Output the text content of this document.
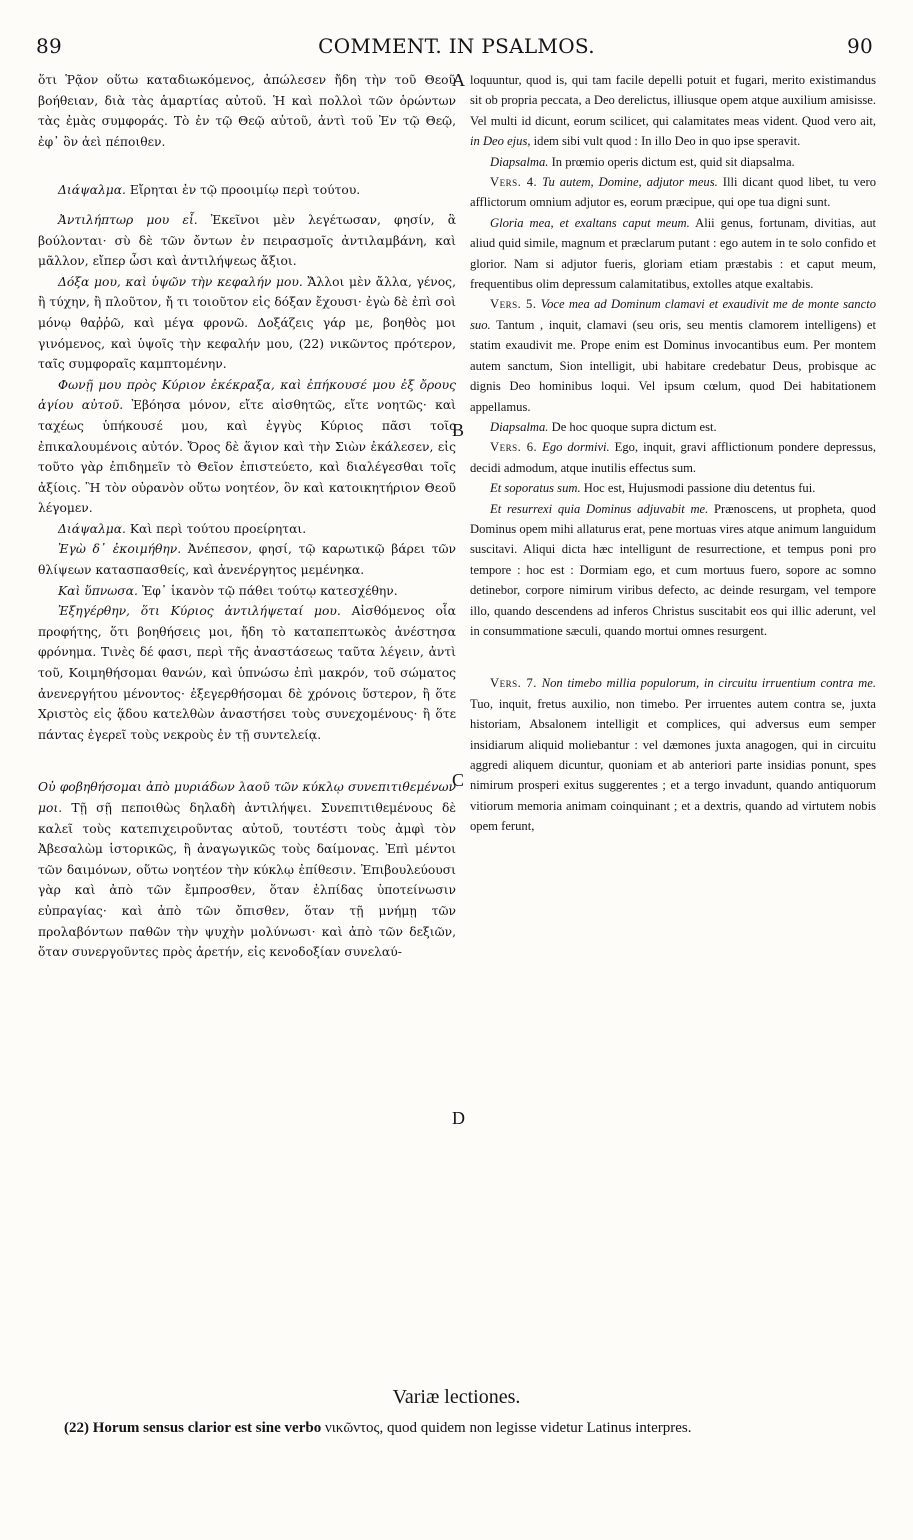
89	COMMENT. IN PSALMOS.	90
A
B
C
D

ὅτι Ῥᾷον οὕτω καταδιωκόμενος, ἀπώλεσεν ἤδη τὴν τοῦ Θεοῦ βοήθειαν, διὰ τὰς ἁμαρτίας αὐτοῦ. Ἡ καὶ πολλοὶ τῶν ὁρώντων τὰς ἐμὰς συμφοράς. Τὸ ἐν τῷ Θεῷ αὐτοῦ, ἀντὶ τοῦ Ἐν τῷ Θεῷ, ἐφ᾽ ὃν ἀεὶ πέποιθεν.

Διάψαλμα. Εἴρηται ἐν τῷ προοιμίῳ περὶ τούτου.

Ἀντιλήπτωρ μου εἶ. Ἐκεῖνοι μὲν λεγέτωσαν, φησίν, ἃ βούλονται· σὺ δὲ τῶν ὄντων ἐν πειρασμοῖς ἀντιλαμβάνη, καὶ μᾶλλον, εἴπερ ὦσι καὶ ἀντιλήψεως ἄξιοι.

Δόξα μου, καὶ ὑψῶν τὴν κεφαλήν μου. Ἄλλοι μὲν ἄλλα, γένος, ἢ τύχην, ἢ πλοῦτον, ἤ τι τοιοῦτον εἰς δόξαν ἔχουσι· ἐγὼ δὲ ἐπὶ σοὶ μόνῳ θαῤῥῶ, καὶ μέγα φρονῶ. Δοξάζεις γάρ με, βοηθὸς μοι γινόμενος, καὶ ὑψοῖς τὴν κεφαλήν μου, (22) νικῶντος πρότερον, ταῖς συμφοραῖς καμπτομένην.

Φωνῇ μου πρὸς Κύριον ἐκέκραξα, καὶ ἐπήκουσέ μου ἐξ ὄρους ἁγίου αὐτοῦ. Ἐβόησα μόνον, εἴτε αἰσθητῶς, εἴτε νοητῶς· καὶ ταχέως ὑπήκουσέ μου, καὶ ἐγγὺς Κύριος πᾶσι τοῖς ἐπικαλουμένοις αὐτόν. Ὄρος δὲ ἅγιον καὶ τὴν Σιὼν ἐκάλεσεν, εἰς τοῦτο γὰρ ἐπιδημεῖν τὸ Θεῖον ἐπιστεύετο, καὶ διαλέγεσθαι τοῖς ἀξίοις. Ἢ τὸν οὐρανὸν οὕτω νοητέον, ὃν καὶ κατοικητήριον Θεοῦ λέγομεν.

Διάψαλμα. Καὶ περὶ τούτου προείρηται.

Ἐγὼ δ᾽ ἐκοιμήθην. Ἀνέπεσον, φησί, τῷ καρωτικῷ βάρει τῶν θλίψεων κατασπασθείς, καὶ ἀνενέργητος μεμένηκα.

Καὶ ὕπνωσα. Ἐφ᾽ ἱκανὸν τῷ πάθει τούτῳ κατεσχέθην.

Ἐξηγέρθην, ὅτι Κύριος ἀντιλήψεταί μου. Αἰσθόμενος οἷα προφήτης, ὅτι βοηθήσεις μοι, ἤδη τὸ καταπεπτωκὸς ἀνέστησα φρόνημα. Τινὲς δέ φασι, περὶ τῆς ἀναστάσεως ταῦτα λέγειν, ἀντὶ τοῦ, Κοιμηθήσομαι θανών, καὶ ὑπνώσω ἐπὶ μακρόν, τοῦ σώματος ἀνενεργήτου μένοντος· ἐξεγερθήσομαι δὲ χρόνοις ὕστερον, ἢ ὅτε Χριστὸς εἰς ᾅδου κατελθὼν ἀναστήσει τοὺς συνεχομένους· ἢ ὅτε πάντας ἐγερεῖ τοὺς νεκροὺς ἐν τῇ συντελείᾳ.

Οὐ φοβηθήσομαι ἀπὸ μυριάδων λαοῦ τῶν κύκλῳ συνεπιτιθεμένων μοι. Τῇ σῇ πεποιθὼς δηλαδὴ ἀντιλήψει. Συνεπιτιθεμένους δὲ καλεῖ τοὺς κατεπιχειροῦντας αὐτοῦ, τουτέστι τοὺς ἀμφὶ τὸν Ἀβεσαλὼμ ἱστορικῶς, ἢ ἀναγωγικῶς τοὺς δαίμονας. Ἐπὶ μέντοι τῶν δαιμόνων, οὕτω νοητέον τὴν κύκλῳ ἐπίθεσιν. Ἐπιβουλεύουσι γὰρ καὶ ἀπὸ τῶν ἔμπροσθεν, ὅταν ἐλπίδας ὑποτείνωσιν εὐπραγίας· καὶ ἀπὸ τῶν ὄπισθεν, ὅταν τῇ μνήμῃ τῶν προλαβόντων παθῶν τὴν ψυχὴν μολύνωσι· καὶ ἀπὸ τῶν δεξιῶν, ὅταν συνεργοῦντες πρὸς ἀρετήν, εἰς κενοδοξίαν συνελαύ-

loquuntur, quod is, qui tam facile depelli potuit et fugari, merito existimandus sit ob propria peccata, a Deo derelictus, illiusque opem atque auxilium amisisse. Vel multi id dicunt, eorum scilicet, qui calamitates meas vident. Quod vero ait, in Deo ejus, idem sibi vult quod : In illo Deo in quo ipse speravit.

Diapsalma. In prœmio operis dictum est, quid sit diapsalma.

Vers. 4. Tu autem, Domine, adjutor meus. Illi dicant quod libet, tu vero afflictorum omnium adjutor es, eorum præcipue, qui ope tua digni sunt.

Gloria mea, et exaltans caput meum. Alii genus, fortunam, divitias, aut aliud quid simile, magnum et præclarum putant : ego autem in te solo confido et glorior. Nam si adjutor fueris, gloriam etiam præstabis : et caput meum, frequentibus olim depressum calamitatibus, extolles atque exaltabis.

Vers. 5. Voce mea ad Dominum clamavi et exaudivit me de monte sancto suo. Tantum , inquit, clamavi (seu oris, seu mentis clamorem intelligens) et statim exaudivit me. Prope enim est Dominus invocantibus eum. Per montem autem sanctum, Sion intelligit, ubi habitare credebatur Deus, probisque ac dignis Deo hominibus loqui. Vel ipsum cœlum, quod Dei habitationem appellamus.

Diapsalma. De hoc quoque supra dictum est.

Vers. 6. Ego dormivi. Ego, inquit, gravi afflictionum pondere depressus, decidi admodum, atque inutilis effectus sum.

Et soporatus sum. Hoc est, Hujusmodi passione diu detentus fui.

Et resurrexi quia Dominus adjuvabit me. Prænoscens, ut propheta, quod Dominus opem mihi allaturus erat, pene mortuas vires atque animum languidum suscitavi. Aliqui dicta hæc intelligunt de resurrectione, et tempus poni pro tempore : hoc est : Dormiam ego, et cum mortuus fuero, sopore ac somno detinebor, corpore nimirum viribus defecto, ac deinde resurgam, vel tempore illo, quando descendens ad inferos Christus suscitabit eos qui illic aderunt, vel in consummatione sæculi, quando mortui omnes resurgent.

Vers. 7. Non timebo millia populorum, in circuitu irruentium contra me. Tuo, inquit, fretus auxilio, non timebo. Per irruentes autem contra se, juxta historiam, Absalonem intelligit et complices, qui adversus eum semper insidiarum aliquid moliebantur : vel dæmones juxta anagogen, qui in circuitu aggredi aliquem dicuntur, quoniam et ab anteriori parte insidias ponunt, spes nimirum prosperi exitus suggerentes ; et a tergo invadunt, quando antiquorum vitiorum memoria animam coinquinant ; et a dextris, quando ad virtutem nobis opem ferunt,

Variæ lectiones.
(22) Horum sensus clarior est sine verbo νικῶντος, quod quidem non legisse videtur Latinus interpres.
